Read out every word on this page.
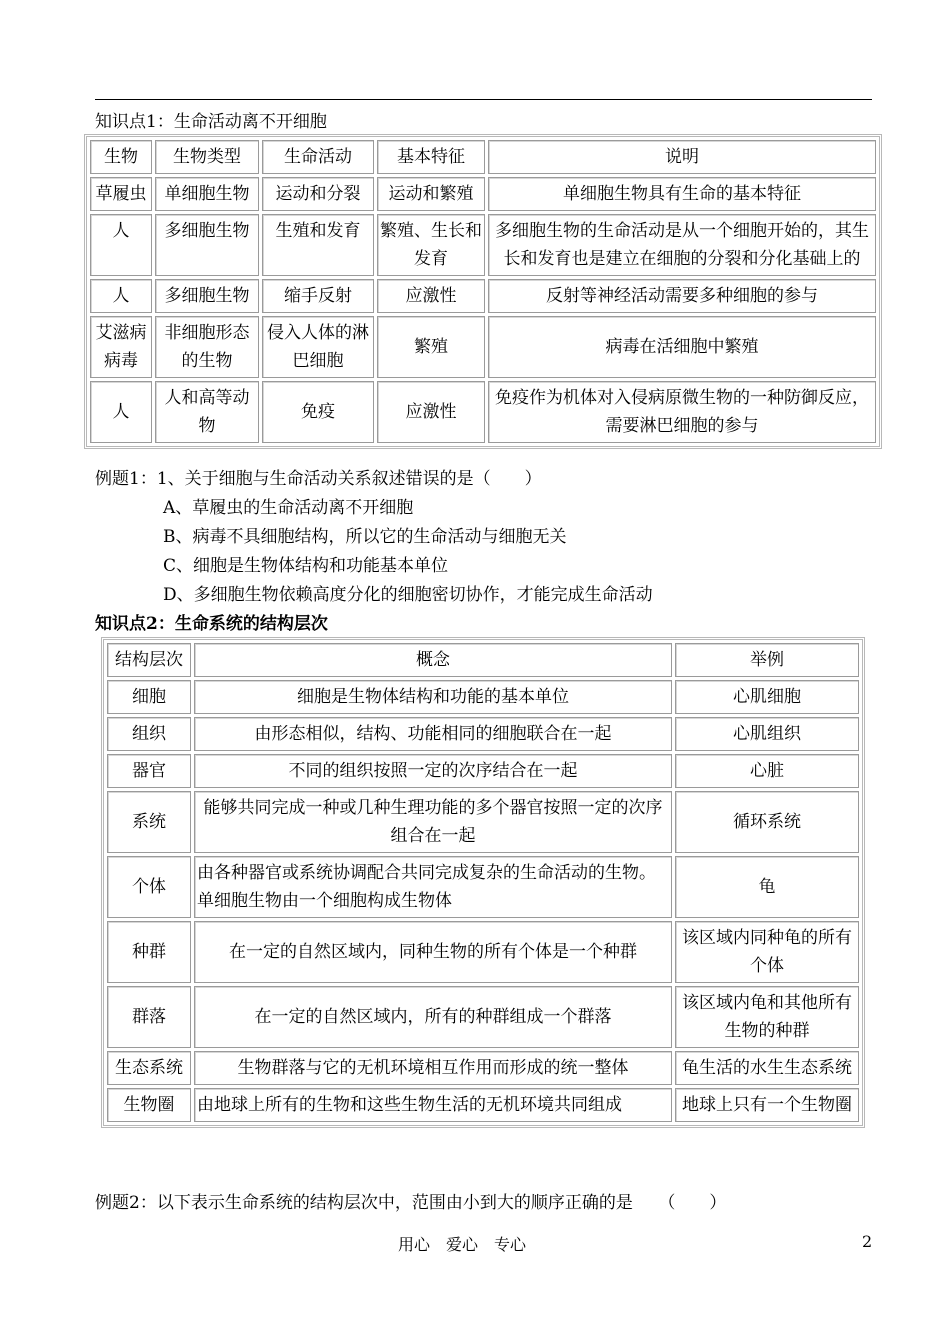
知识点1：生命活动离不开细胞
生物	生物类型	生命活动	基本特征	说明
草履虫	单细胞生物	运动和分裂	运动和繁殖	单细胞生物具有生命的基本特征
人	多细胞生物	生殖和发育	繁殖、生长和发育	多细胞生物的生命活动是从一个细胞开始的，其生长和发育也是建立在细胞的分裂和分化基础上的
人	多细胞生物	缩手反射	应激性	反射等神经活动需要多种细胞的参与
艾滋病病毒	非细胞形态的生物	侵入人体的淋巴细胞	繁殖	病毒在活细胞中繁殖
人	人和高等动物	免疫	应激性	免疫作为机体对入侵病原微生物的一种防御反应，需要淋巴细胞的参与
例题1：1、关于细胞与生命活动关系叙述错误的是（　　）
A、草履虫的生命活动离不开细胞
B、病毒不具细胞结构，所以它的生命活动与细胞无关
C、细胞是生物体结构和功能基本单位
D、多细胞生物依赖高度分化的细胞密切协作，才能完成生命活动
知识点2：生命系统的结构层次
结构层次	概念	举例
细胞	细胞是生物体结构和功能的基本单位	心肌细胞
组织	由形态相似，结构、功能相同的细胞联合在一起	心肌组织
器官	不同的组织按照一定的次序结合在一起	心脏
系统	能够共同完成一种或几种生理功能的多个器官按照一定的次序组合在一起	循环系统
个体	由各种器官或系统协调配合共同完成复杂的生命活动的生物。单细胞生物由一个细胞构成生物体	龟
种群	在一定的自然区域内，同种生物的所有个体是一个种群	该区域内同种龟的所有个体
群落	在一定的自然区域内，所有的种群组成一个群落	该区域内龟和其他所有生物的种群
生态系统	生物群落与它的无机环境相互作用而形成的统一整体	龟生活的水生生态系统
生物圈	由地球上所有的生物和这些生物生活的无机环境共同组成	地球上只有一个生物圈
例题2：以下表示生命系统的结构层次中，范围由小到大的顺序正确的是　　（　　）
用心　爱心　专心	2
